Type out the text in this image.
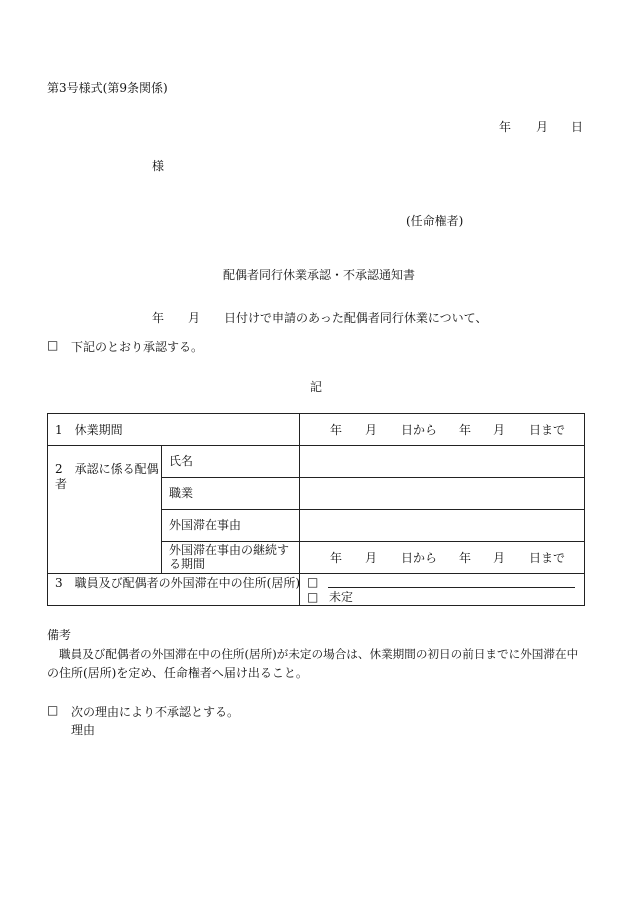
第3号様式(第9条関係)
年 月 日
様
(任命権者)
配偶者同行休業承認・不承認通知書
年 月 日付けで申請のあった配偶者同行休業について、
□ 下記のとおり承認する。
記
1　休業期間	年 月 日から 年 月 日まで
2　承認に係る配偶
者
氏名
職業
外国滞在事由
外国滞在事由の継続す
る期間	年 月 日から 年 月 日まで
3　職員及び配偶者の外国滞在中の住所(居所) □
□ 未定
備考
職員及び配偶者の外国滞在中の住所(居所)が未定の場合は、休業期間の初日の前日までに外国滞在中
の住所(居所)を定め、任命権者へ届け出ること。
□ 次の理由により不承認とする。
理由
